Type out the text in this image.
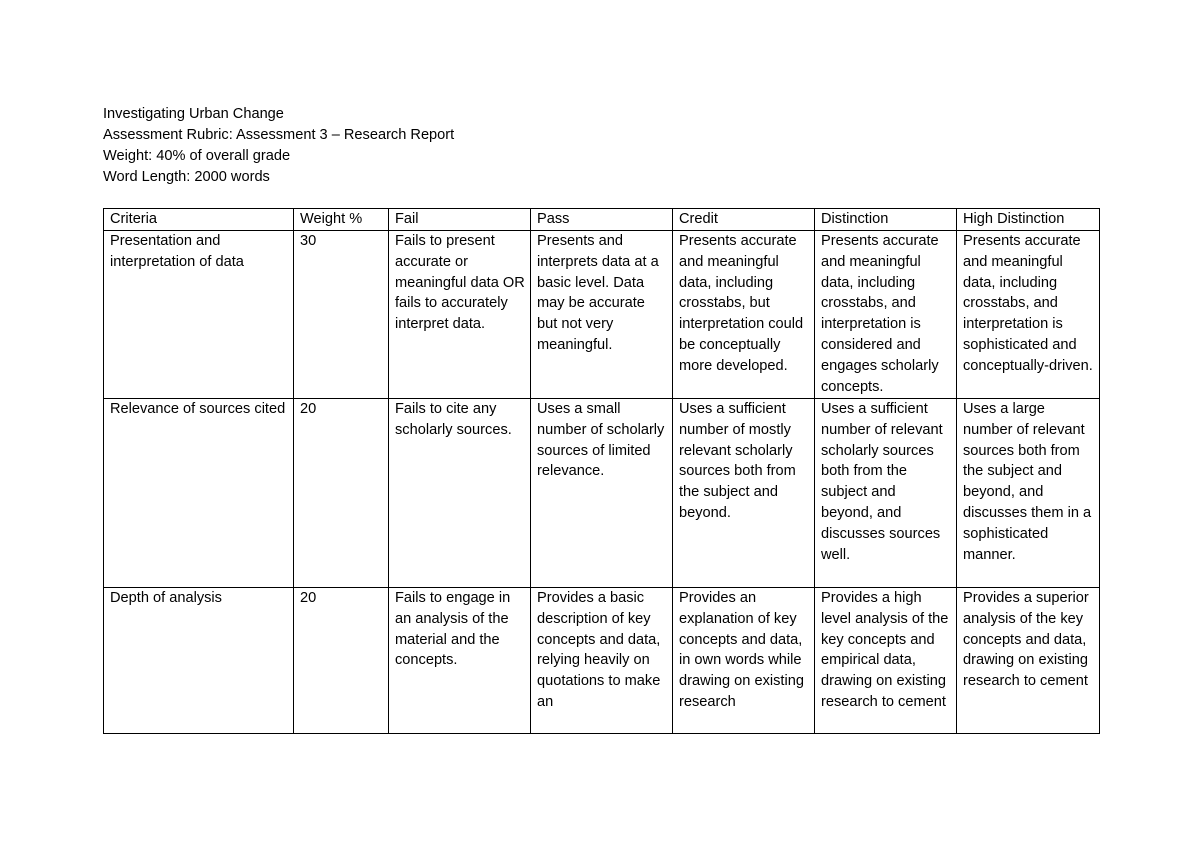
Investigating Urban Change
Assessment Rubric: Assessment 3 – Research Report
Weight: 40% of overall grade
Word Length: 2000 words
Criteria	Weight %	Fail	Pass	Credit	Distinction	High Distinction
Presentation and interpretation of data	30	Fails to present accurate or meaningful data OR fails to accurately interpret data.	Presents and interprets data at a basic level. Data may be accurate but not very meaningful.	Presents accurate and meaningful data, including crosstabs, but interpretation could be conceptually more developed.	Presents accurate and meaningful data, including crosstabs, and interpretation is considered and engages scholarly concepts.	Presents accurate and meaningful data, including crosstabs, and interpretation is sophisticated and conceptually-driven.
Relevance of sources cited	20	Fails to cite any scholarly sources.	Uses a small number of scholarly sources of limited relevance.	Uses a sufficient number of mostly relevant scholarly sources both from the subject and beyond.	Uses a sufficient number of relevant scholarly sources both from the subject and beyond, and discusses sources well.	Uses a large number of relevant sources both from the subject and beyond, and discusses them in a sophisticated manner.
Depth of analysis	20	Fails to engage in an analysis of the material and the concepts.	Provides a basic description of key concepts and data, relying heavily on quotations to make an	Provides an explanation of key concepts and data, in own words while drawing on existing research	Provides a high level analysis of the key concepts and empirical data, drawing on existing research to cement	Provides a superior analysis of the key concepts and data, drawing on existing research to cement
